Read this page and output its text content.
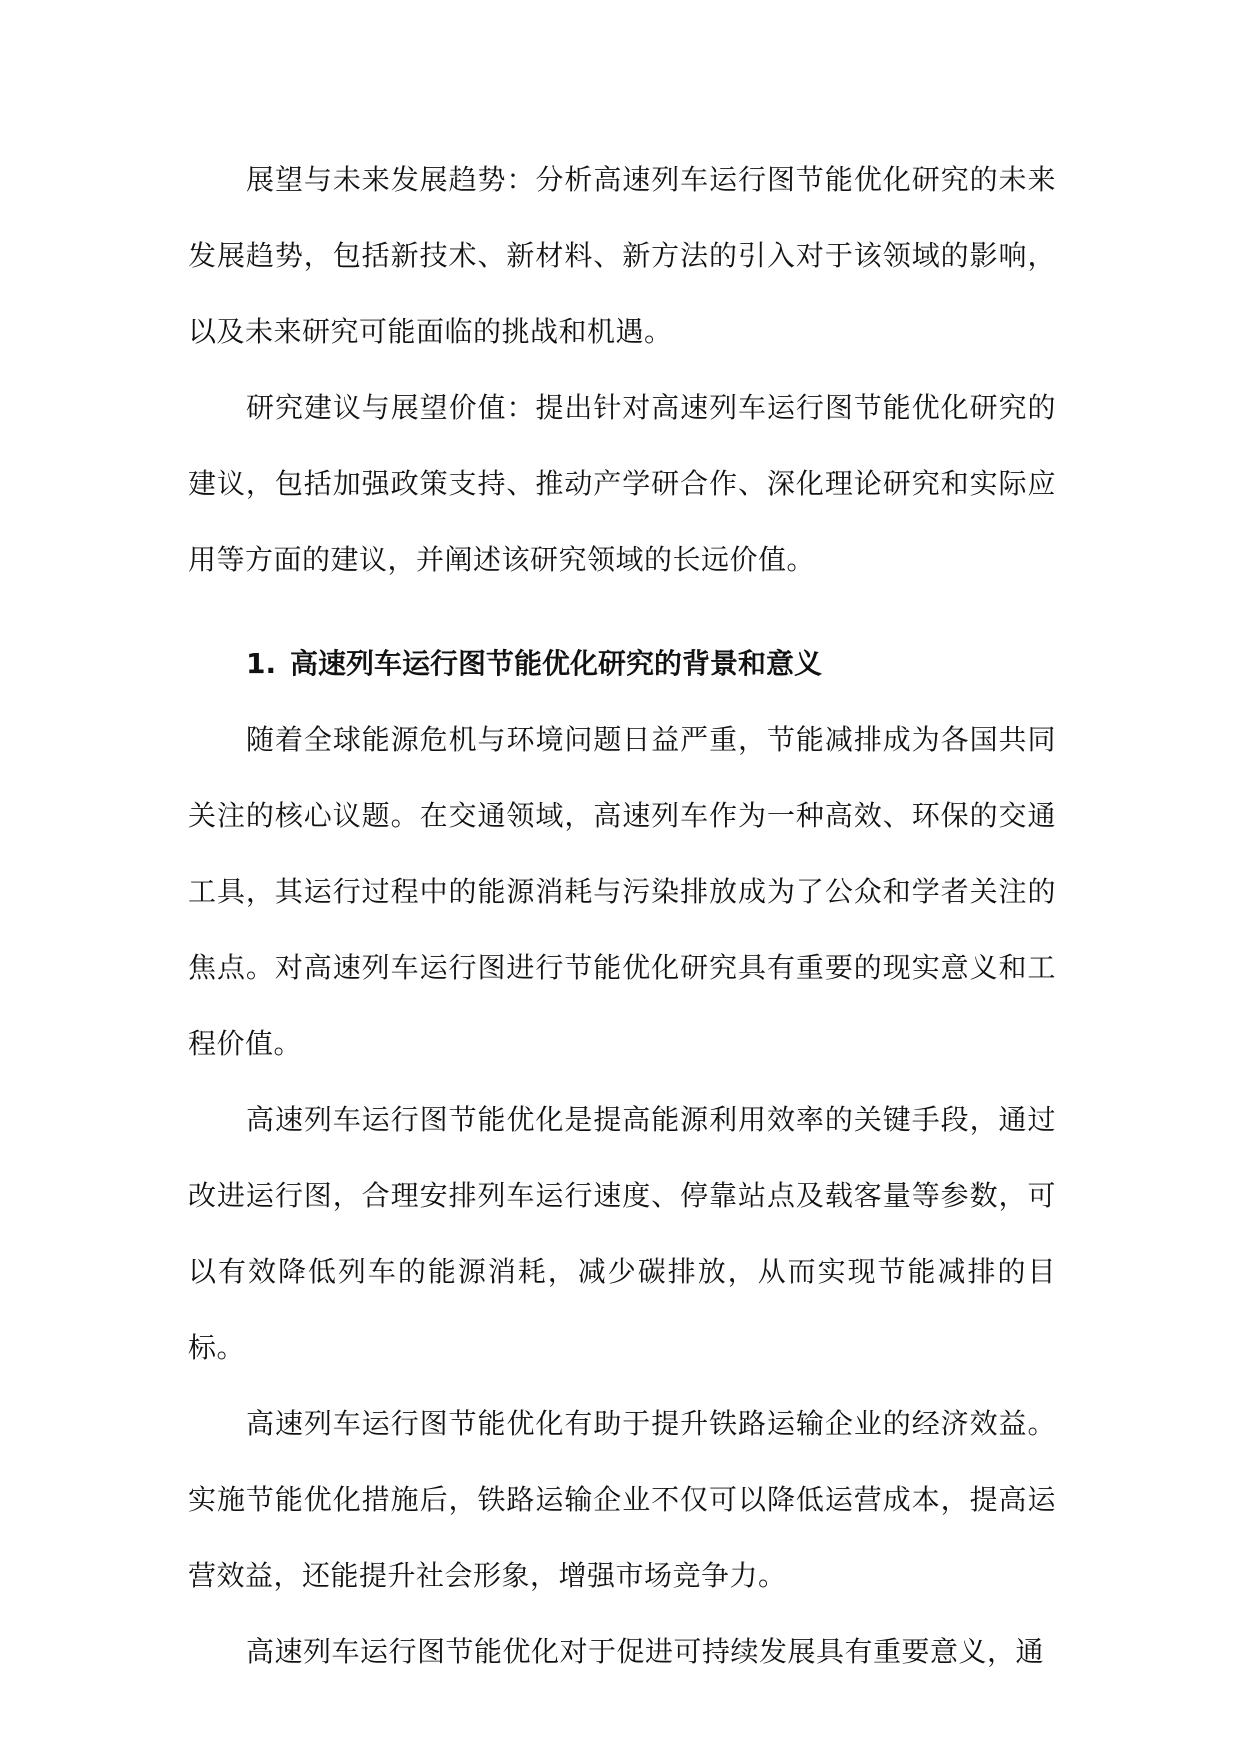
展望与未来发展趋势：分析高速列车运行图节能优化研究的未来发展趋势，包括新技术、新材料、新方法的引入对于该领域的影响，以及未来研究可能面临的挑战和机遇。

研究建议与展望价值：提出针对高速列车运行图节能优化研究的建议，包括加强政策支持、推动产学研合作、深化理论研究和实际应用等方面的建议，并阐述该研究领域的长远价值。

1. 高速列车运行图节能优化研究的背景和意义

随着全球能源危机与环境问题日益严重，节能减排成为各国共同关注的核心议题。在交通领域，高速列车作为一种高效、环保的交通工具，其运行过程中的能源消耗与污染排放成为了公众和学者关注的焦点。对高速列车运行图进行节能优化研究具有重要的现实意义和工程价值。

高速列车运行图节能优化是提高能源利用效率的关键手段，通过改进运行图，合理安排列车运行速度、停靠站点及载客量等参数，可以有效降低列车的能源消耗，减少碳排放，从而实现节能减排的目标。

高速列车运行图节能优化有助于提升铁路运输企业的经济效益。实施节能优化措施后，铁路运输企业不仅可以降低运营成本，提高运营效益，还能提升社会形象，增强市场竞争力。

高速列车运行图节能优化对于促进可持续发展具有重要意义，通
